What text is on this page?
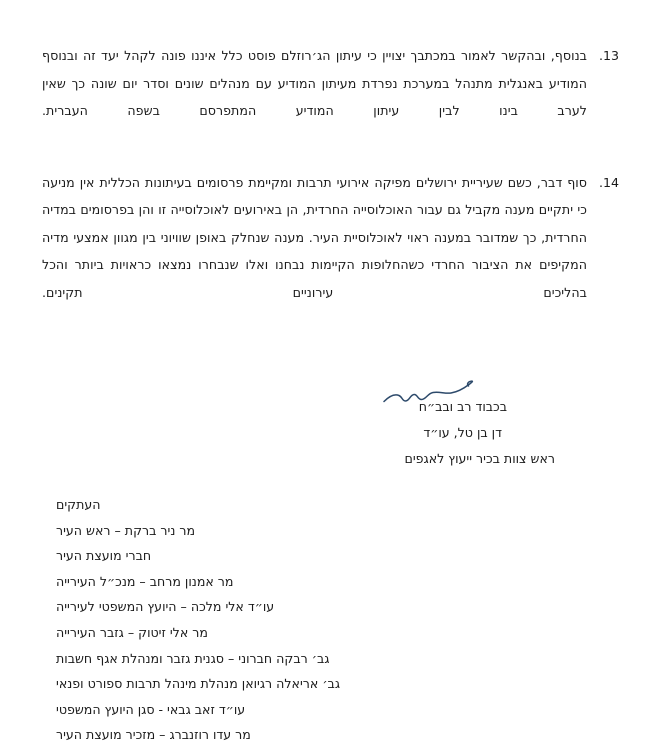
13.
בנוסף, ובהקשר לאמור במכתבך יצויין כי עיתון הג׳רוזלם פוסט כלל איננו פונה לקהל יעד זה ובנוסף המודיע באנגלית מתנהל במערכת נפרדת מעיתון המודיע עם מנהלים שונים וסדר יום שונה כך שאין לערב בינו לבין עיתון המודיע המתפרסם בשפה העברית.
14.
סוף דבר, כשם שעיריית ירושלים מפיקה אירועי תרבות ומקיימת פרסומים בעיתונות הכללית אין מניעה כי יתקיים מענה מקביל גם עבור האוכלוסייה החרדית, הן באירועים לאוכלוסייה זו והן בפרסומים במדיה החרדית, כך שמדובר במענה ראוי לאוכלוסיית העיר. מענה שנחלק באופן שוויוני בין מגוון אמצעי מדיה המקיפים את הציבור החרדי כשהחלופות הקיימות נבחנו ואלו שנבחרו נמצאו כראויות ביותר והכל בהליכים עירוניים תקינים.
בכבוד רב ובב״ח
דן בן טל, עו״ד
ראש צוות בכיר ייעוץ לאגפים
העתקים
מר ניר ברקת – ראש העיר
חברי מועצת העיר
מר אמנון מרחב – מנכ״ל העירייה
עו״ד אלי מלכה – היועץ המשפטי לעירייה
מר אלי זיטוק – גזבר העירייה
גב׳ רבקה חברוני – סגנית גזבר ומנהלת אגף חשבות
גב׳ אריאלה רגיואן מנהלת מינהל תרבות ספורט ופנאי
עו״ד זאב גבאי - סגן היועץ המשפטי
מר עדו רוזנברג – מזכיר מועצת העיר
